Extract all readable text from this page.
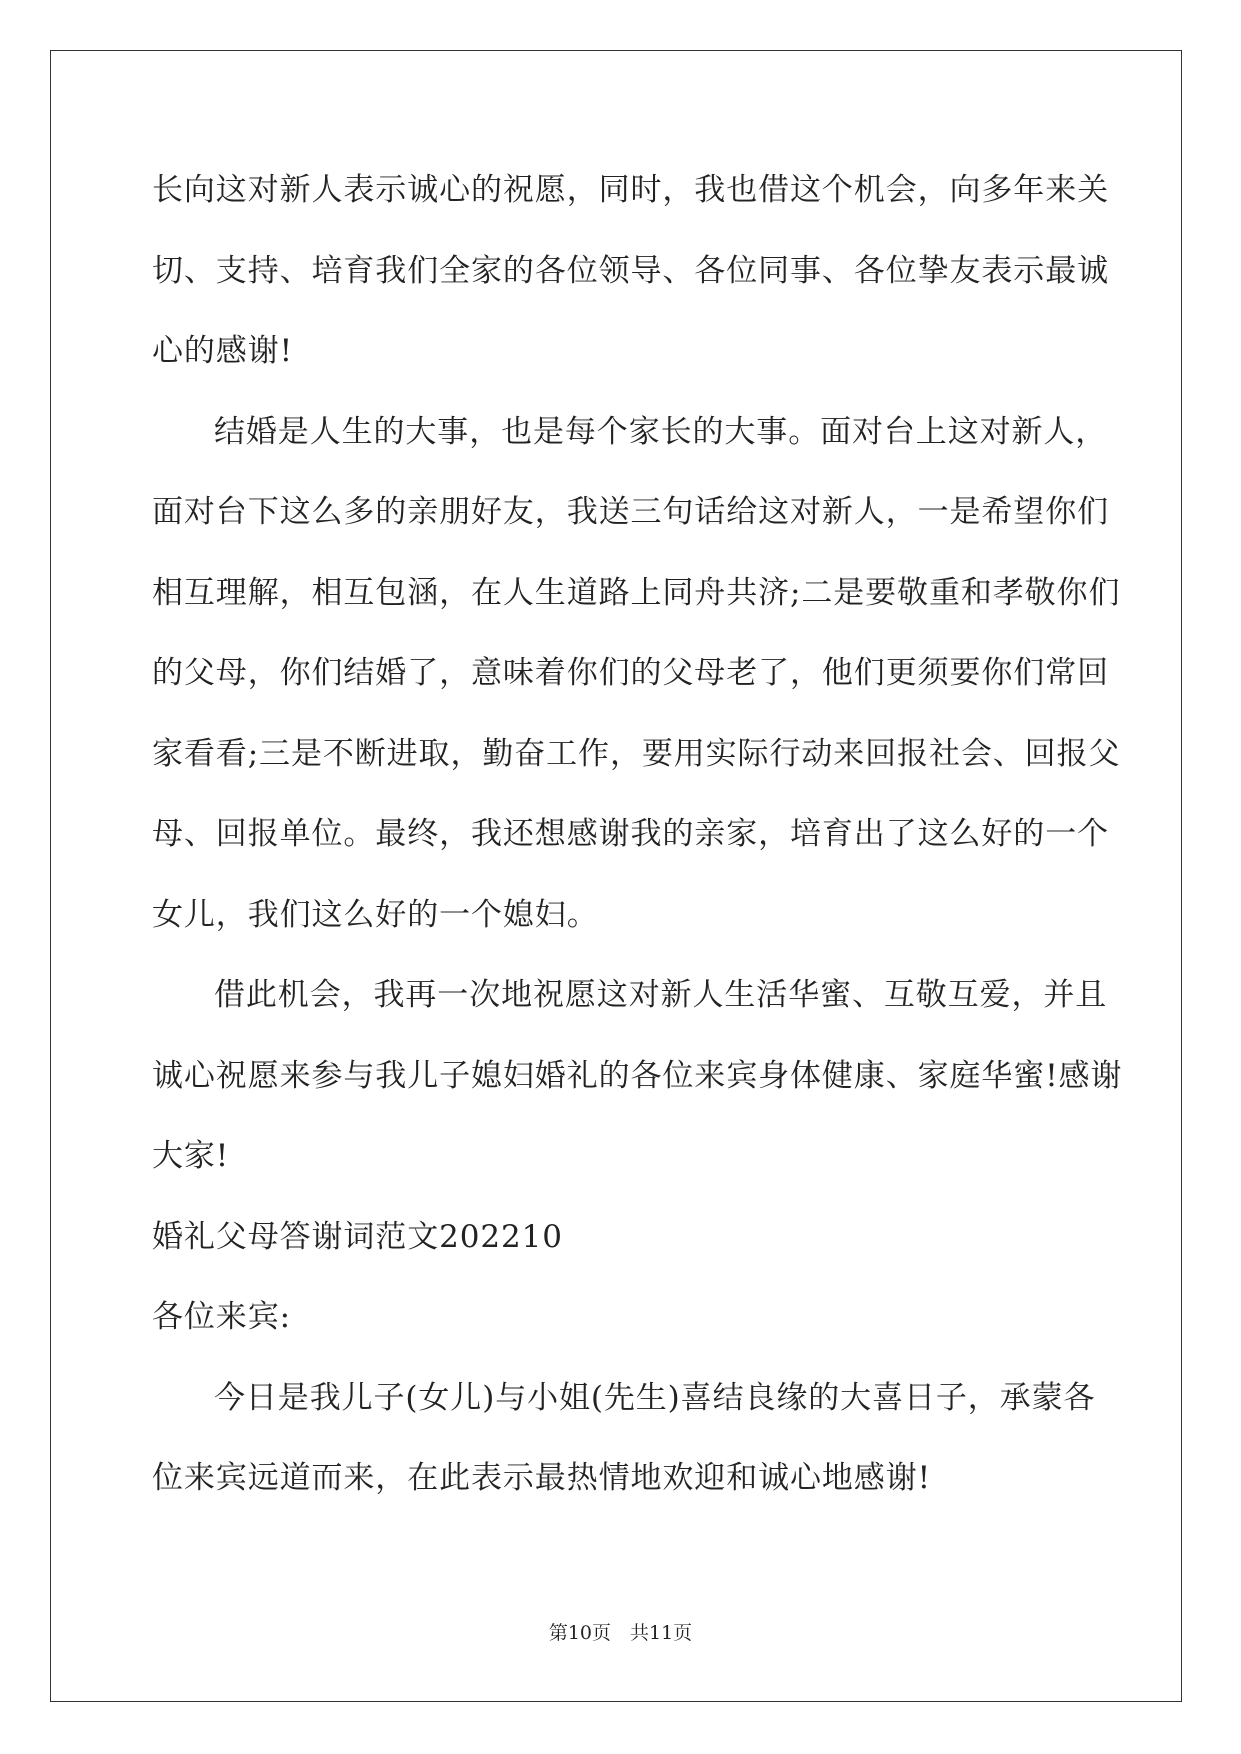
长向这对新人表示诚心的祝愿，同时，我也借这个机会，向多年来关
切、支持、培育我们全家的各位领导、各位同事、各位挚友表示最诚
心的感谢!
结婚是人生的大事，也是每个家长的大事。面对台上这对新人，
面对台下这么多的亲朋好友，我送三句话给这对新人，一是希望你们
相互理解，相互包涵，在人生道路上同舟共济;二是要敬重和孝敬你们
的父母，你们结婚了，意味着你们的父母老了，他们更须要你们常回
家看看;三是不断进取，勤奋工作，要用实际行动来回报社会、回报父
母、回报单位。最终，我还想感谢我的亲家，培育出了这么好的一个
女儿，我们这么好的一个媳妇。
借此机会，我再一次地祝愿这对新人生活华蜜、互敬互爱，并且
诚心祝愿来参与我儿子媳妇婚礼的各位来宾身体健康、家庭华蜜!感谢
大家!
婚礼父母答谢词范文202210
各位来宾:
今日是我儿子(女儿)与小姐(先生)喜结良缘的大喜日子，承蒙各
位来宾远道而来，在此表示最热情地欢迎和诚心地感谢!
第10页　共11页
